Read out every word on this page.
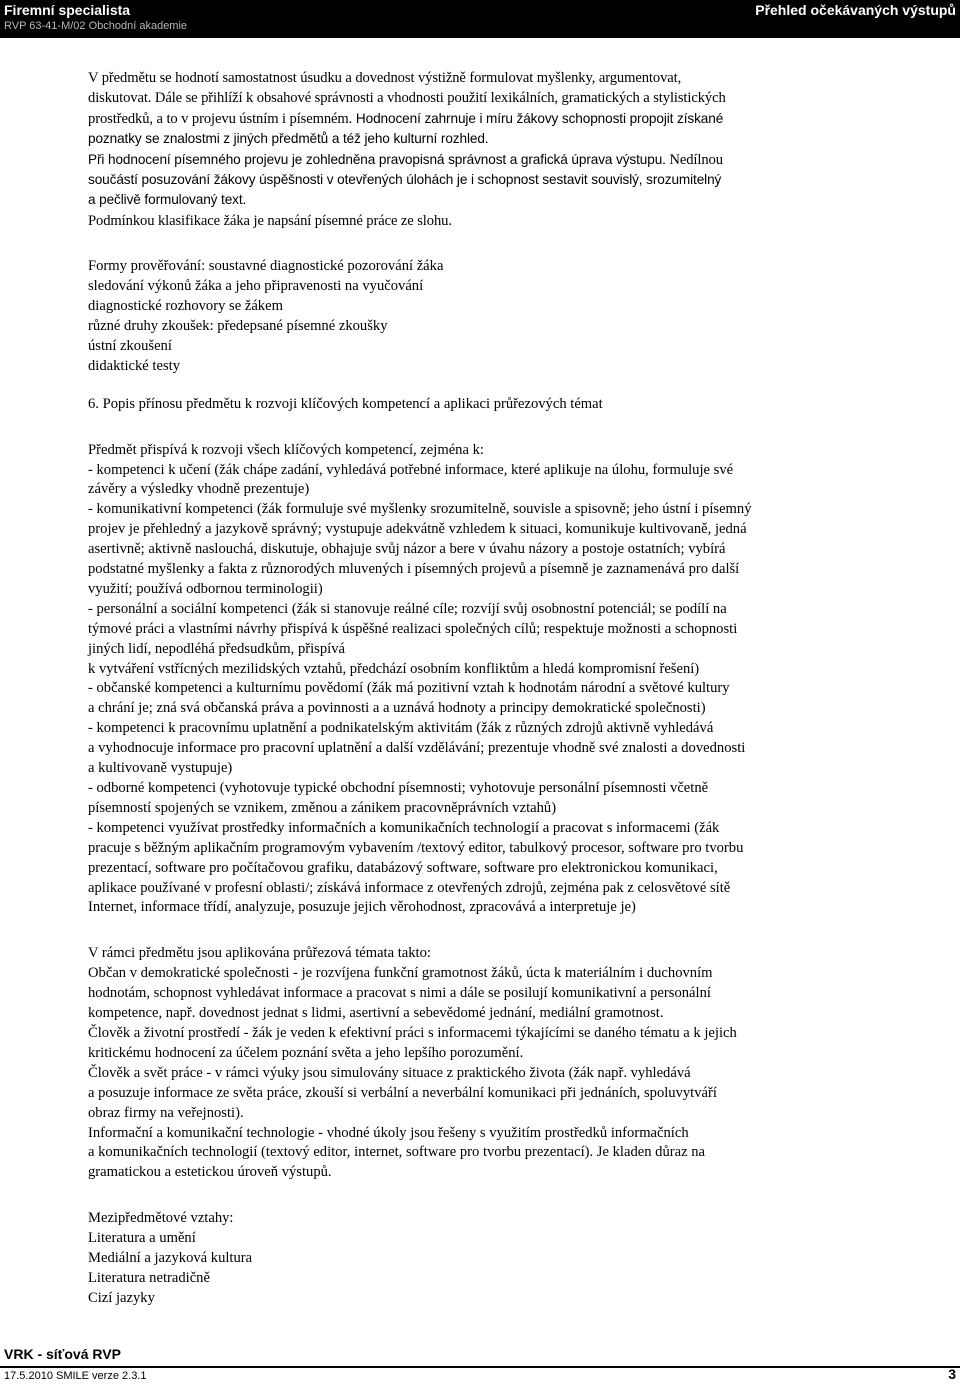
Firemní specialista
RVP 63-41-M/02 Obchodní akademie
Přehled očekávaných výstupů
V předmětu se hodnotí samostatnost úsudku a dovednost výstižně formulovat myšlenky, argumentovat,
diskutovat. Dále se přihlíží k obsahové správnosti a vhodnosti použití lexikálních, gramatických a stylistických
prostředků, a to v projevu ústním i písemném. Hodnocení zahrnuje i míru žákovy schopnosti propojit získané
poznatky se znalostmi z jiných předmětů a též jeho kulturní rozhled.
Při hodnocení písemného projevu je zohledněna pravopisná správnost a grafická úprava výstupu. Nedílnou
součástí posuzování žákovy úspěšnosti v otevřených úlohách je i schopnost sestavit souvislý, srozumitelný
a pečlivě formulovaný text.
Podmínkou klasifikace žáka je napsání písemné práce ze slohu.
Formy prověřování: soustavné diagnostické pozorování žáka
sledování výkonů žáka a jeho připravenosti na vyučování
diagnostické rozhovory se žákem
různé druhy zkoušek: předepsané písemné zkoušky
ústní zkoušení
didaktické testy
6. Popis přínosu předmětu k rozvoji klíčových kompetencí a aplikaci průřezových témat
Předmět přispívá k rozvoji všech klíčových kompetencí, zejména k:
- kompetenci k učení (žák chápe zadání, vyhledává potřebné informace, které aplikuje na úlohu, formuluje své
závěry a výsledky vhodně prezentuje)
- komunikativní kompetenci (žák formuluje své myšlenky srozumitelně, souvisle a spisovně; jeho ústní i písemný
projev je přehledný a jazykově správný; vystupuje adekvátně vzhledem k situaci, komunikuje kultivovaně, jedná
asertivně; aktivně naslouchá, diskutuje, obhajuje svůj názor a bere v úvahu názory a postoje ostatních; vybírá
podstatné myšlenky a fakta z různorodých mluvených i písemných projevů a písemně je zaznamenává pro další
využití; používá odbornou terminologii)
- personální a sociální kompetenci (žák si stanovuje reálné cíle; rozvíjí svůj osobnostní potenciál; se podílí na
týmové práci a vlastními návrhy přispívá k úspěšné realizaci společných cílů; respektuje možnosti a schopnosti
jiných lidí, nepodléhá předsudkům, přispívá
k vytváření vstřícných mezilidských vztahů, předchází osobním konfliktům a hledá kompromisní řešení)
- občanské kompetenci a kulturnímu povědomí (žák má pozitivní vztah k hodnotám národní a světové kultury
a chrání je; zná svá občanská práva a povinnosti a a uznává hodnoty a principy demokratické společnosti)
- kompetenci k pracovnímu uplatnění a podnikatelským aktivitám (žák z různých zdrojů aktivně vyhledává
a vyhodnocuje informace pro pracovní uplatnění a další vzdělávání; prezentuje vhodně své znalosti a dovednosti
a kultivovaně vystupuje)
- odborné kompetenci (vyhotovuje typické obchodní písemnosti; vyhotovuje personální písemnosti včetně
písemností spojených se vznikem, změnou a zánikem pracovněprávních vztahů)
- kompetenci využívat prostředky informačních a komunikačních technologií a pracovat s informacemi (žák
pracuje s běžným aplikačním programovým vybavením /textový editor, tabulkový procesor, software pro tvorbu
prezentací, software pro počítačovou grafiku, databázový software, software pro elektronickou komunikaci,
aplikace používané v profesní oblasti/; získává informace z otevřených zdrojů, zejména pak z celosvětové sítě
Internet, informace třídí, analyzuje, posuzuje jejich věrohodnost, zpracovává a interpretuje je)
V rámci předmětu jsou aplikována průřezová témata takto:
Občan v demokratické společnosti - je rozvíjena funkční gramotnost žáků, úcta k materiálním i duchovním
hodnotám, schopnost vyhledávat informace a pracovat s nimi a dále se posilují komunikativní a personální
kompetence, např. dovednost jednat s lidmi, asertivní a sebevědomé jednání, mediální gramotnost.
Člověk a životní prostředí - žák je veden k efektivní práci s informacemi týkajícími se daného tématu a k jejich
kritickému hodnocení za účelem poznání světa a jeho lepšího porozumění.
Člověk a svět práce - v rámci výuky jsou simulovány situace z praktického života (žák např. vyhledává
a posuzuje informace ze světa práce, zkouší si verbální a neverbální komunikaci při jednáních, spoluvytváří
obraz firmy na veřejnosti).
Informační a komunikační technologie - vhodné úkoly jsou řešeny s využitím prostředků informačních
a komunikačních technologií (textový editor, internet, software pro tvorbu prezentací). Je kladen důraz na
gramatickou a estetickou úroveň výstupů.
Mezipředmětové vztahy:
Literatura a umění
Mediální a jazyková kultura
Literatura netradičně
Cizí jazyky
VRK - síťová RVP
17.5.2010 SMILE verze 2.3.1	3
